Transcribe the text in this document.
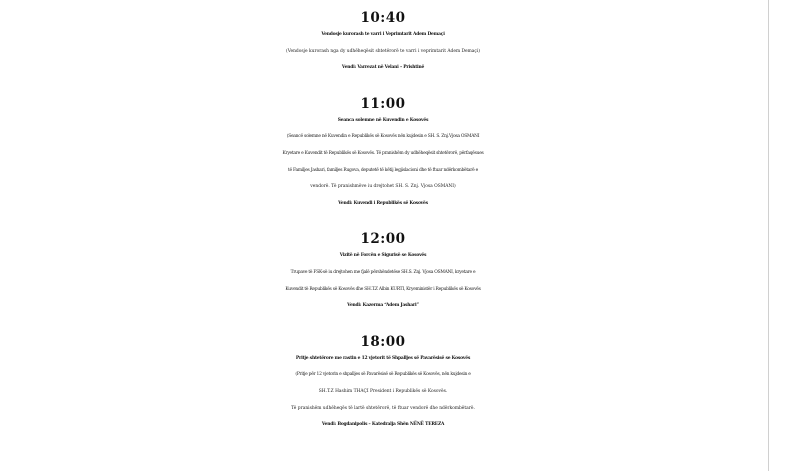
10:40
Vendosje kurorash te varri i Veprimtarit Adem Demaçi
(Vendosje kurorash nga dy udhëheqësit shtetërorë te varri i veprimtarit Adem Demaçi)
Vendi: Varrezat në Velani – Prishtinë
11:00
Seanca solemne në Kuvendin e Kosovës
(Seancë solemne në Kuvendin e Republikës së Kosovës nën kujdesin e SH. S. Znj.Vjosa OSMANI
Kryetare e Kuvendit të Republikës së Kosovës. Të pranishëm dy udhëheqësit shtetërorë, përfaqësues
të Familjes Jashari, familjes Rugova, deputetë të këtij legjislacioni dhe të ftuar ndërkombëtarë e
vendorë. Të pranishmëve iu drejtohet SH. S. Znj. Vjosa OSMANI)
Vendi: Kuvendi i Republikës së Kosovës
12:00
Vizitë në Forcën e Sigurisë se Kosovës
Trupave të FSK-së iu drejtohen me fjalë përshëndetëse SH.S. Znj. Vjosa OSMANI, kryetare e
Kuvendit të Republikës së Kosovës dhe SH.T.Z Albin KURTI, Kryeministër i Republikës së Kosovës
Vendi: Kazerma “Adem Jashari”
18:00
Pritje shtetërore me rastin e 12 vjetorit të Shpalljes së Pavarësisë se Kosovës
(Pritje për 12 vjetorin e shpalljes së Pavarësisë së Republikës së Kosovës, nën kujdesin e
SH.T.Z Hashim THAÇI President i Republikës së Kosovës.
Të pranishëm udhëheqës të lartë shtetërorë, të ftuar vendorë dhe ndërkombëtarë.
Vendi: Bogdanipolis – Katedralja Shën NËNË TEREZA
